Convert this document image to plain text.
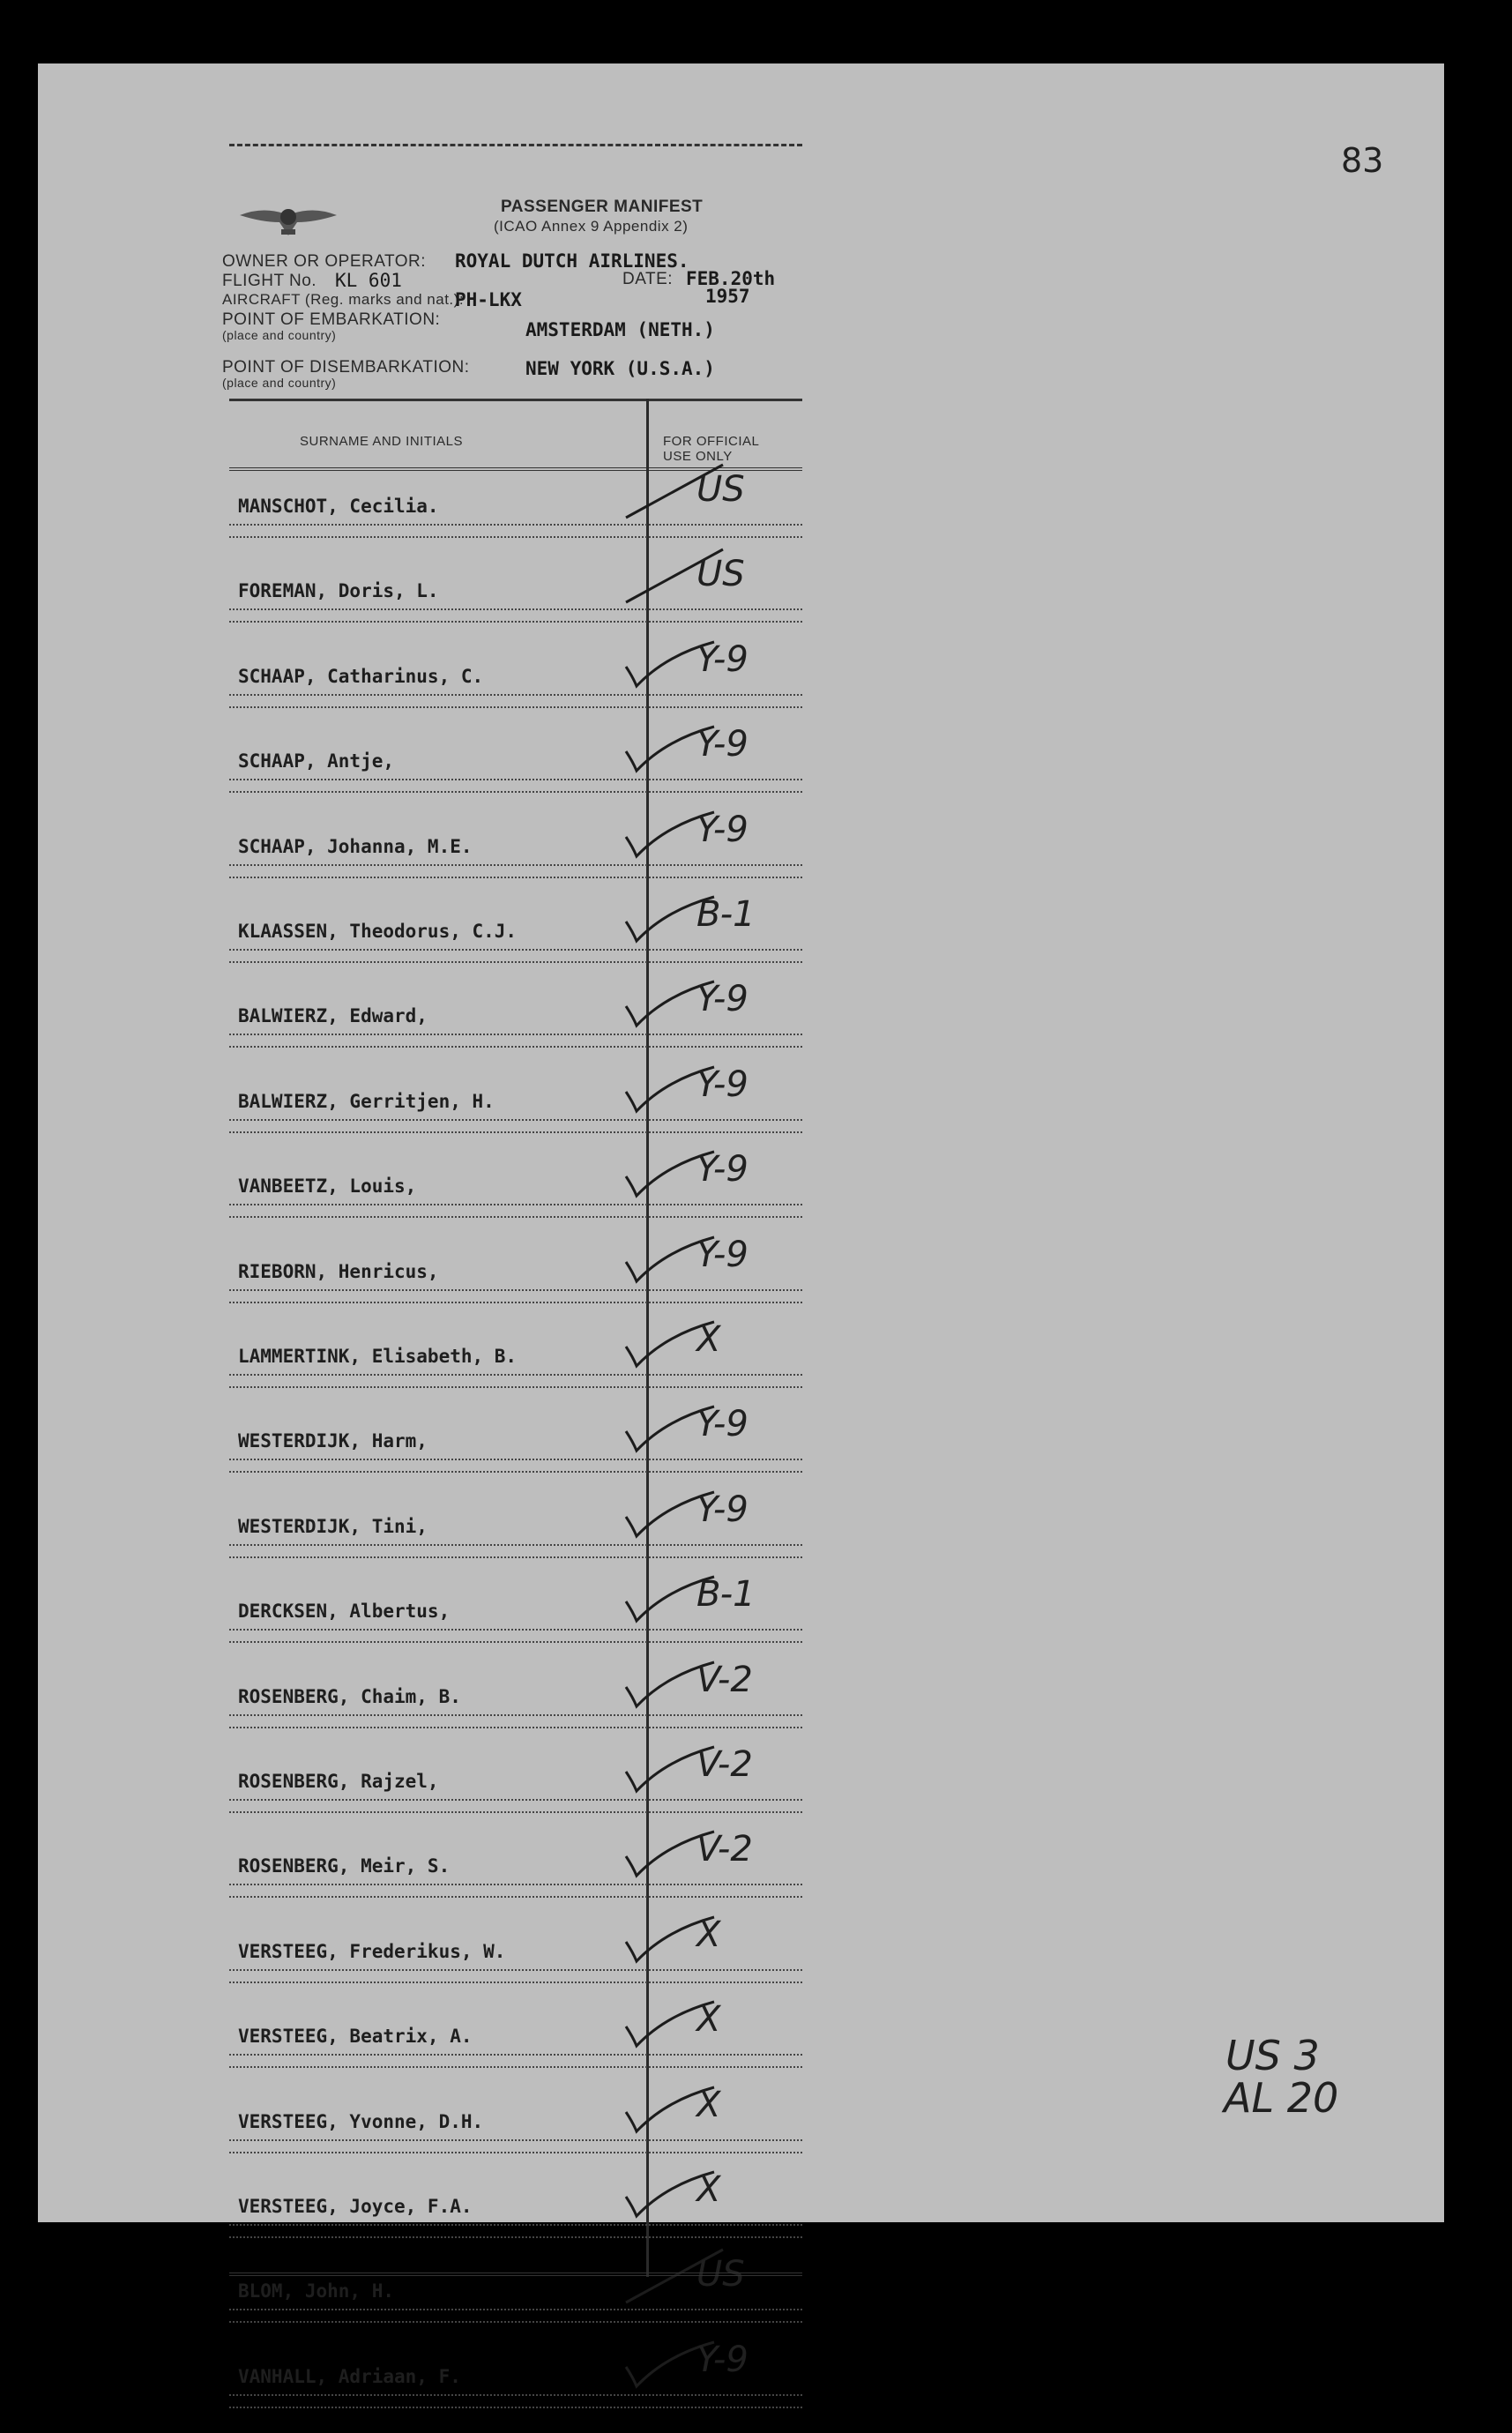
83
PASSENGER MANIFEST
(ICAO Annex 9 Appendix 2)
OWNER OR OPERATOR: ROYAL DUTCH AIRLINES.
FLIGHT No. KL 601	DATE: FEB.20th
AIRCRAFT (Reg. marks and nat.):
PH-LKX	1957
POINT OF EMBARKATION:
(place and country)	AMSTERDAM (NETH.)
POINT OF DISEMBARKATION:
(place and country)
NEW YORK (U.S.A.)
SURNAME AND INITIALS	FOR OFFICIAL USE ONLY
MANSCHOT, Cecilia.	US
FOREMAN, Doris, L.	US
SCHAAP, Catharinus, C.	Y-9
SCHAAP, Antje,	Y-9
SCHAAP, Johanna, M.E.	Y-9
KLAASSEN, Theodorus, C.J.	B-1
BALWIERZ, Edward,	Y-9
BALWIERZ, Gerritjen, H.	Y-9
VANBEETZ, Louis,	Y-9
RIEBORN, Henricus,	Y-9
LAMMERTINK, Elisabeth, B.	X
WESTERDIJK, Harm,	Y-9
WESTERDIJK, Tini,	Y-9
DERCKSEN, Albertus,	B-1
ROSENBERG, Chaim, B.	V-2
ROSENBERG, Rajzel,	V-2
ROSENBERG, Meir, S.	V-2
VERSTEEG, Frederikus, W.	X
VERSTEEG, Beatrix, A.	X
VERSTEEG, Yvonne, D.H.	X
VERSTEEG, Joyce, F.A.	X
BLOM, John, H.	US
VANHALL, Adriaan, F.	Y-9
US 3
AL 20
